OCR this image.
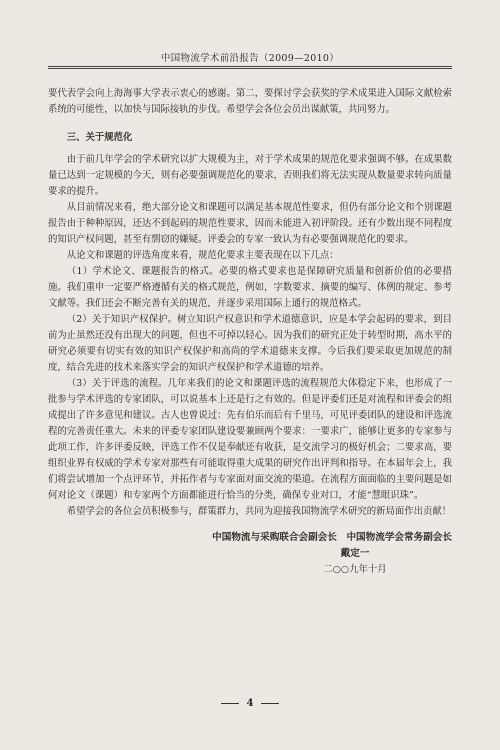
中国物流学术前沿报告（2009—2010）

要代表学会向上海海事大学表示衷心的感谢。第二，要探讨学会获奖的学术成果进入国际文献检索系统的可能性，以加快与国际接轨的步伐。希望学会各位会员出谋献策，共同努力。

三、关于规范化

由于前几年学会的学术研究以扩大规模为主，对于学术成果的规范化要求强调不够。在成果数量已达到一定规模的今天，则有必要强调规范化的要求，否则我们将无法实现从数量要求转向质量要求的提升。

从目前情况来看，绝大部分论文和课题可以满足基本规范性要求，但仍有部分论文和个别课题报告由于种种原因，还达不到起码的规范性要求，因而未能进入初评阶段。还有少数出现不同程度的知识产权问题，甚至有剽窃的嫌疑。评委会的专家一致认为有必要强调规范化的要求。

从论文和课题的评选角度来看，规范化要求主要表现在以下几点：

（1）学术论文、课题报告的格式。必要的格式要求也是保障研究质量和创新价值的必要措施。我们重申一定要严格遵循有关的格式规范，例如，字数要求、摘要的编写、体例的规定、参考文献等。我们还会不断完善有关的规范，并逐步采用国际上通行的规范格式。

（2）关于知识产权保护。树立知识产权意识和学术道德意识，应是本学会起码的要求，到目前为止虽然还没有出现大的问题，但也不可掉以轻心。因为我们的研究正处于转型时期，高水平的研究必须要有切实有效的知识产权保护和高尚的学术道德来支撑。今后我们要采取更加规范的制度，结合先进的技术来落实学会的知识产权保护和学术道德的培养。

（3）关于评选的流程。几年来我们的论文和课题评选的流程规范大体稳定下来，也形成了一批参与学术评选的专家团队，可以说基本上还是行之有效的。但是评委们还是对流程和评委会的组成提出了许多意见和建议。古人也曾说过：先有伯乐而后有千里马，可见评委团队的建设和评选流程的完善责任重大。未来的评委专家团队建设要兼顾两个要求：一要求广，能够让更多的专家参与此项工作，许多评委反映，评选工作不仅是奉献还有收获，是交流学习的极好机会；二要求高，要组织业界有权威的学术专家对那些有可能取得重大成果的研究作出评判和指导。在本届年会上，我们将尝试增加一个点评环节，并拓作者与专家面对面交流的渠道。在流程方面面临的主要问题是如何对论文（课题）和专家两个方面都能进行恰当的分类，确保专业对口，才能“慧眼识珠”。

希望学会的各位会员积极参与，群策群力，共同为迎接我国物流学术研究的新局面作出贡献！

中国物流与采购联合会副会长　中国物流学会常务副会长

戴定一

二○○九年十月

4
